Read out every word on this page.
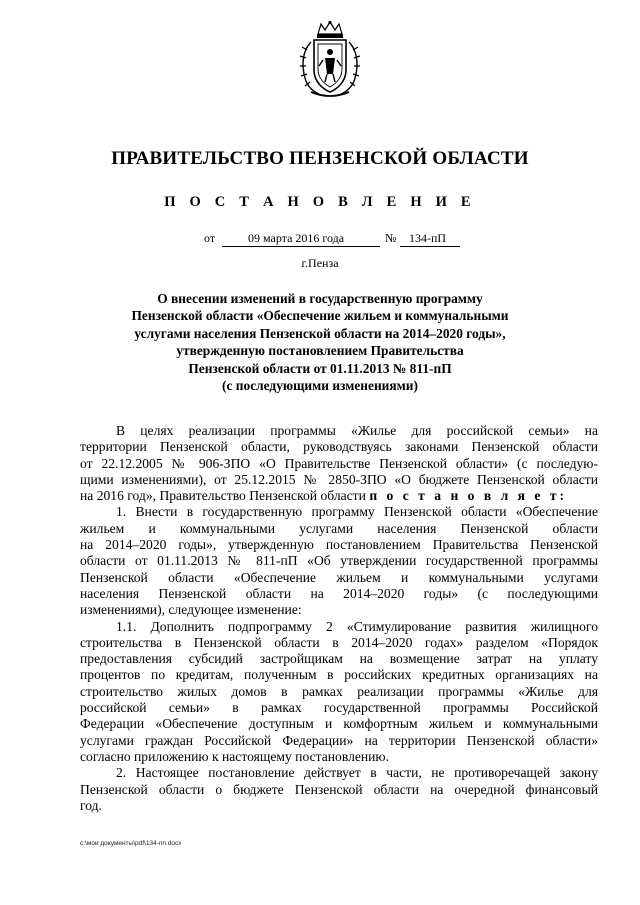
ПРАВИТЕЛЬСТВО ПЕНЗЕНСКОЙ ОБЛАСТИ
П О С Т А Н О В Л Е Н И Е
от	09 марта 2016 года	№ 134-пП
г.Пенза
О внесении изменений в государственную программу
Пензенской области «Обеспечение жильем и коммунальными
услугами населения Пензенской области на 2014–2020 годы»,
утвержденную постановлением Правительства
Пензенской области от 01.11.2013 № 811-пП
(с последующими изменениями)
В целях реализации программы «Жилье для российской семьи» на
территории Пензенской области, руководствуясь законами Пензенской области
от 22.12.2005 № 906-ЗПО «О Правительстве Пензенской области» (с последую-
щими изменениями), от 25.12.2015 № 2850-ЗПО «О бюджете Пензенской области
на 2016 год», Правительство Пензенской области п о с т а н о в л я е т:
1. Внести в государственную программу Пензенской области «Обеспечение
жильем и коммунальными услугами населения Пензенской области
на 2014–2020 годы», утвержденную постановлением Правительства Пензенской
области от 01.11.2013 № 811-пП «Об утверждении государственной программы
Пензенской области «Обеспечение жильем и коммунальными услугами
населения Пензенской области на 2014–2020 годы» (с последующими
изменениями), следующее изменение:
1.1. Дополнить подпрограмму 2 «Стимулирование развития жилищного
строительства в Пензенской области в 2014–2020 годах» разделом «Порядок
предоставления субсидий застройщикам на возмещение затрат на уплату
процентов по кредитам, полученным в российских кредитных организациях на
строительство жилых домов в рамках реализации программы «Жилье для
российской семьи» в рамках государственной программы Российской
Федерации «Обеспечение доступным и комфортным жильем и коммунальными
услугами граждан Российской Федерации» на территории Пензенской области»
согласно приложению к настоящему постановлению.
2. Настоящее постановление действует в части, не противоречащей закону
Пензенской области о бюджете Пензенской области на очередной финансовый
год.
c:\мои документы\pdf\134-пп.docx
